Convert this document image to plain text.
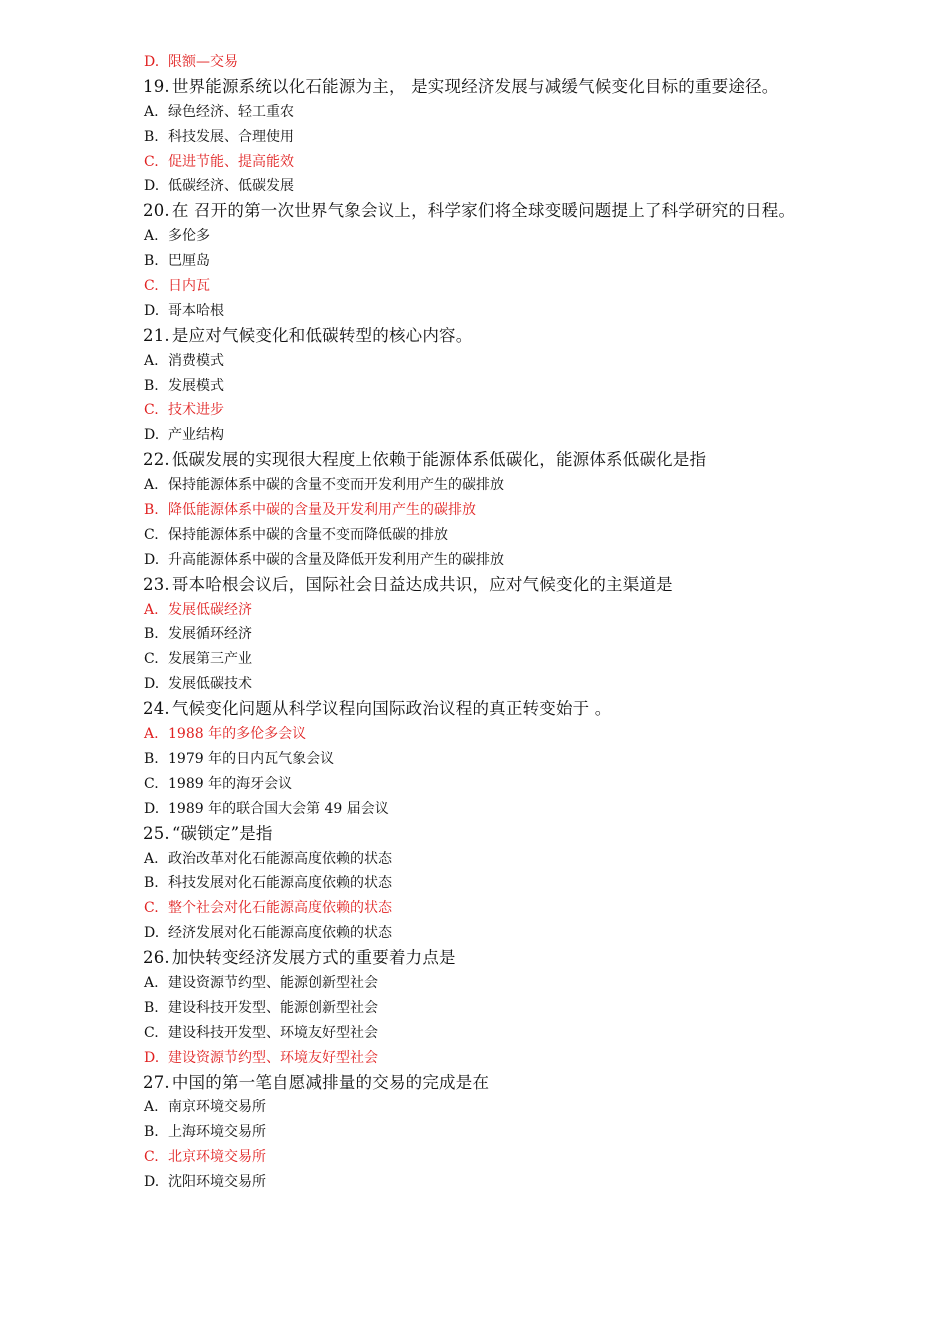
D. 限额—交易
19. 世界能源系统以化石能源为主， 是实现经济发展与减缓气候变化目标的重要途径。
A. 绿色经济、轻工重农
B. 科技发展、合理使用
C. 促进节能、提高能效
D. 低碳经济、低碳发展
20. 在 召开的第一次世界气象会议上，科学家们将全球变暖问题提上了科学研究的日程。
A. 多伦多
B. 巴厘岛
C. 日内瓦
D. 哥本哈根
21. 是应对气候变化和低碳转型的核心内容。
A. 消费模式
B. 发展模式
C. 技术进步
D. 产业结构
22. 低碳发展的实现很大程度上依赖于能源体系低碳化，能源体系低碳化是指
A. 保持能源体系中碳的含量不变而开发利用产生的碳排放
B. 降低能源体系中碳的含量及开发利用产生的碳排放
C. 保持能源体系中碳的含量不变而降低碳的排放
D. 升高能源体系中碳的含量及降低开发利用产生的碳排放
23. 哥本哈根会议后，国际社会日益达成共识，应对气候变化的主渠道是
A. 发展低碳经济
B. 发展循环经济
C. 发展第三产业
D. 发展低碳技术
24. 气候变化问题从科学议程向国际政治议程的真正转变始于 。
A. 1988 年的多伦多会议
B. 1979 年的日内瓦气象会议
C. 1989 年的海牙会议
D. 1989 年的联合国大会第 49 届会议
25. “碳锁定”是指
A. 政治改革对化石能源高度依赖的状态
B. 科技发展对化石能源高度依赖的状态
C. 整个社会对化石能源高度依赖的状态
D. 经济发展对化石能源高度依赖的状态
26. 加快转变经济发展方式的重要着力点是
A. 建设资源节约型、能源创新型社会
B. 建设科技开发型、能源创新型社会
C. 建设科技开发型、环境友好型社会
D. 建设资源节约型、环境友好型社会
27. 中国的第一笔自愿减排量的交易的完成是在
A. 南京环境交易所
B. 上海环境交易所
C. 北京环境交易所
D. 沈阳环境交易所
